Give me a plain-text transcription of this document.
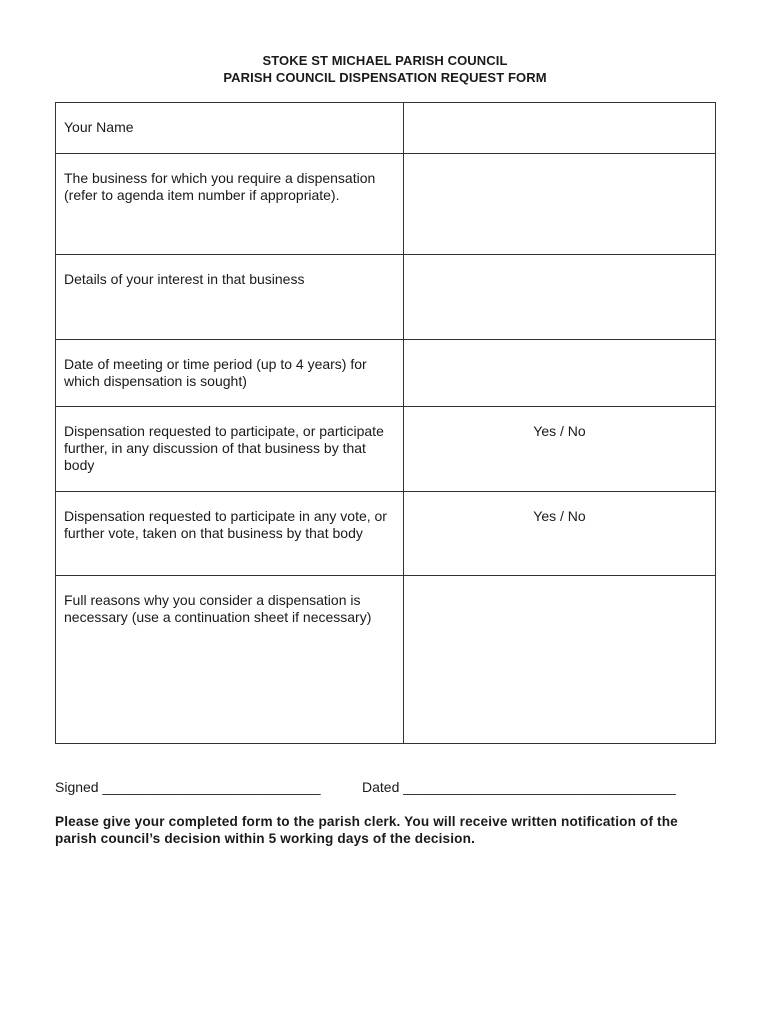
STOKE ST MICHAEL PARISH COUNCIL
PARISH COUNCIL DISPENSATION REQUEST FORM
Your Name	
The business for which you require a dispensation (refer to agenda item number if appropriate).	
Details of your interest in that business	
Date of meeting or time period (up to 4 years) for which dispensation is sought)	
Dispensation requested to participate, or participate further, in any discussion of that business by that body	Yes / No
Dispensation requested to participate in any vote, or further vote, taken on that business by that body	Yes / No
Full reasons why you consider a dispensation is necessary (use a continuation sheet if necessary)	
Signed ____________________________	Dated ___________________________________
Please give your completed form to the parish clerk. You will receive written notification of the parish council’s decision within 5 working days of the decision.
